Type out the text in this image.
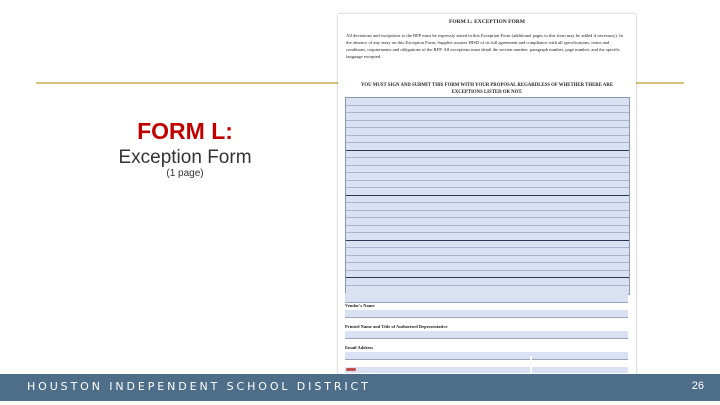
FORM L:
Exception Form
(1 page)
FORM L: EXCEPTION FORM
All deviations and exceptions to the RFP must be expressly stated in this Exception Form (additional pages to this form may be added if necessary). In the absence of any entry on this Exception Form, Supplier assures HISD of its full agreement and compliance with all specifications, terms and conditions, requirements and obligations of the RFP. All exceptions must detail the section number, paragraph number, page number, and the specific language excepted.
YOU MUST SIGN AND SUBMIT THIS FORM WITH YOUR PROPOSAL REGARDLESS OF WHETHER THERE ARE EXCEPTIONS LISTED OR NOT.
Vendor's Name
Printed Name and Title of Authorized Representative
Email Address
HOUSTON INDEPENDENT SCHOOL DISTRICT	26
